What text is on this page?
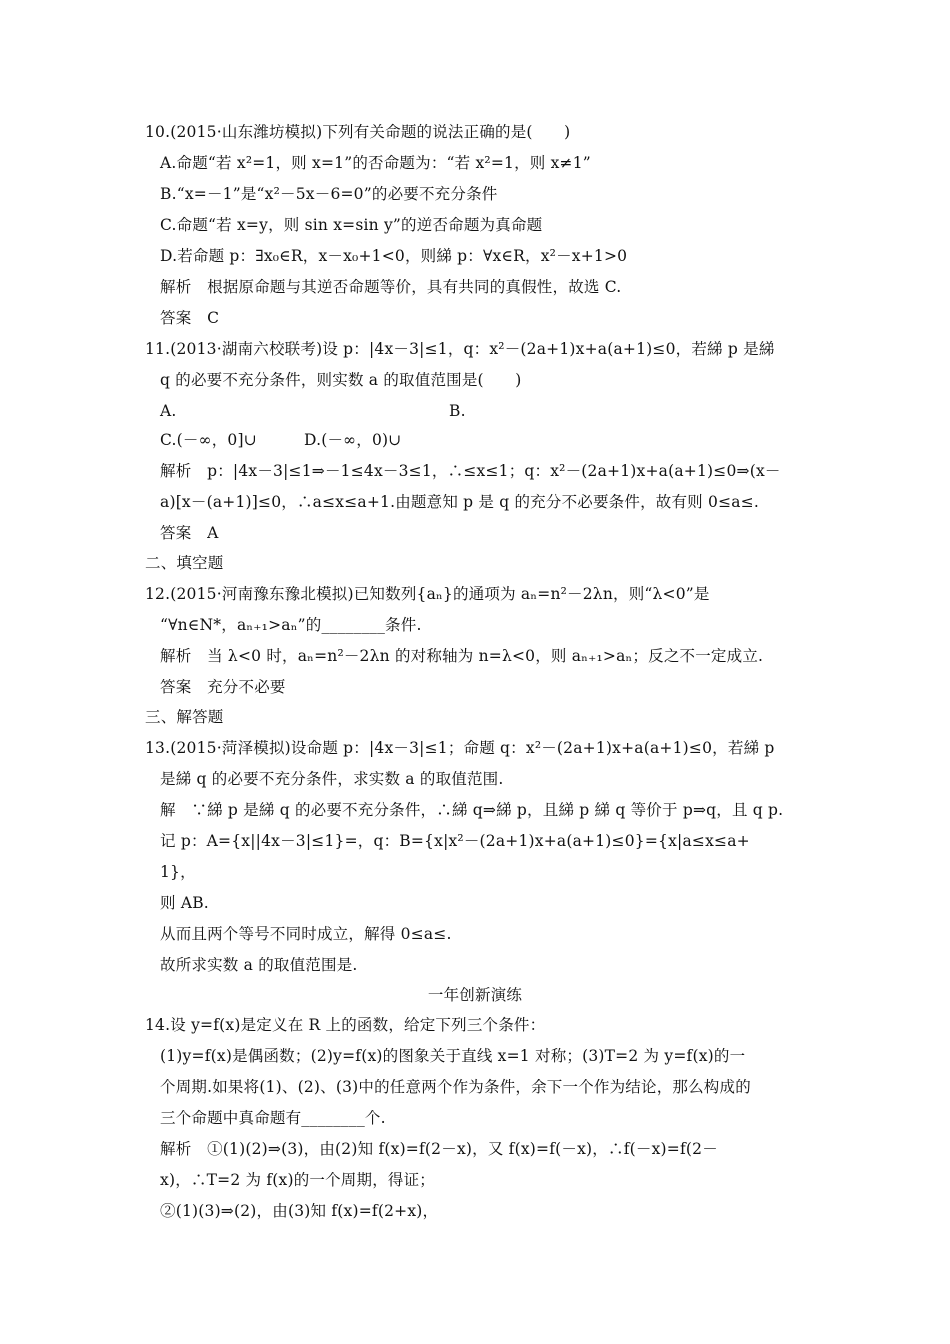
10.(2015·山东潍坊模拟)下列有关命题的说法正确的是(　　)
A.命题“若 x²=1，则 x=1”的否命题为：“若 x²=1，则 x≠1”
B.“x=－1”是“x²－5x－6=0”的必要不充分条件
C.命题“若 x=y，则 sin x=sin y”的逆否命题为真命题
D.若命题 p：∃x₀∈R，x－x₀+1<0，则綈 p：∀x∈R，x²－x+1>0
解析　根据原命题与其逆否命题等价，具有共同的真假性，故选 C.
答案　C
11.(2013·湖南六校联考)设 p：|4x－3|≤1，q：x²－(2a+1)x+a(a+1)≤0，若綈 p 是綈
q 的必要不充分条件，则实数 a 的取值范围是(　　)
A.	B.
C.(－∞，0]∪　　　D.(－∞，0)∪
解析　p：|4x－3|≤1⇒－1≤4x－3≤1，∴≤x≤1；q：x²－(2a+1)x+a(a+1)≤0⇒(x－
a)[x－(a+1)]≤0，∴a≤x≤a+1.由题意知 p 是 q 的充分不必要条件，故有则 0≤a≤.
答案　A
二、填空题
12.(2015·河南豫东豫北模拟)已知数列{aₙ}的通项为 aₙ=n²－2λn，则“λ<0”是
“∀n∈N*，aₙ₊₁>aₙ”的________条件.
解析　当 λ<0 时，aₙ=n²－2λn 的对称轴为 n=λ<0，则 aₙ₊₁>aₙ；反之不一定成立.
答案　充分不必要
三、解答题
13.(2015·菏泽模拟)设命题 p：|4x－3|≤1；命题 q：x²－(2a+1)x+a(a+1)≤0，若綈 p
是綈 q 的必要不充分条件，求实数 a 的取值范围.
解　∵綈 p 是綈 q 的必要不充分条件，∴綈 q⇒綈 p，且綈 p 綈 q 等价于 p⇒q，且 q p.
记 p：A={x||4x－3|≤1}=，q：B={x|x²－(2a+1)x+a(a+1)≤0}={x|a≤x≤a+
1}，
则 AB.
从而且两个等号不同时成立，解得 0≤a≤.
故所求实数 a 的取值范围是.
一年创新演练
14.设 y=f(x)是定义在 R 上的函数，给定下列三个条件：
(1)y=f(x)是偶函数；(2)y=f(x)的图象关于直线 x=1 对称；(3)T=2 为 y=f(x)的一
个周期.如果将(1)、(2)、(3)中的任意两个作为条件，余下一个作为结论，那么构成的
三个命题中真命题有________个.
解析　①(1)(2)⇒(3)，由(2)知 f(x)=f(2－x)，又 f(x)=f(－x)，∴f(－x)=f(2－
x)，∴T=2 为 f(x)的一个周期，得证；
②(1)(3)⇒(2)，由(3)知 f(x)=f(2+x)，
